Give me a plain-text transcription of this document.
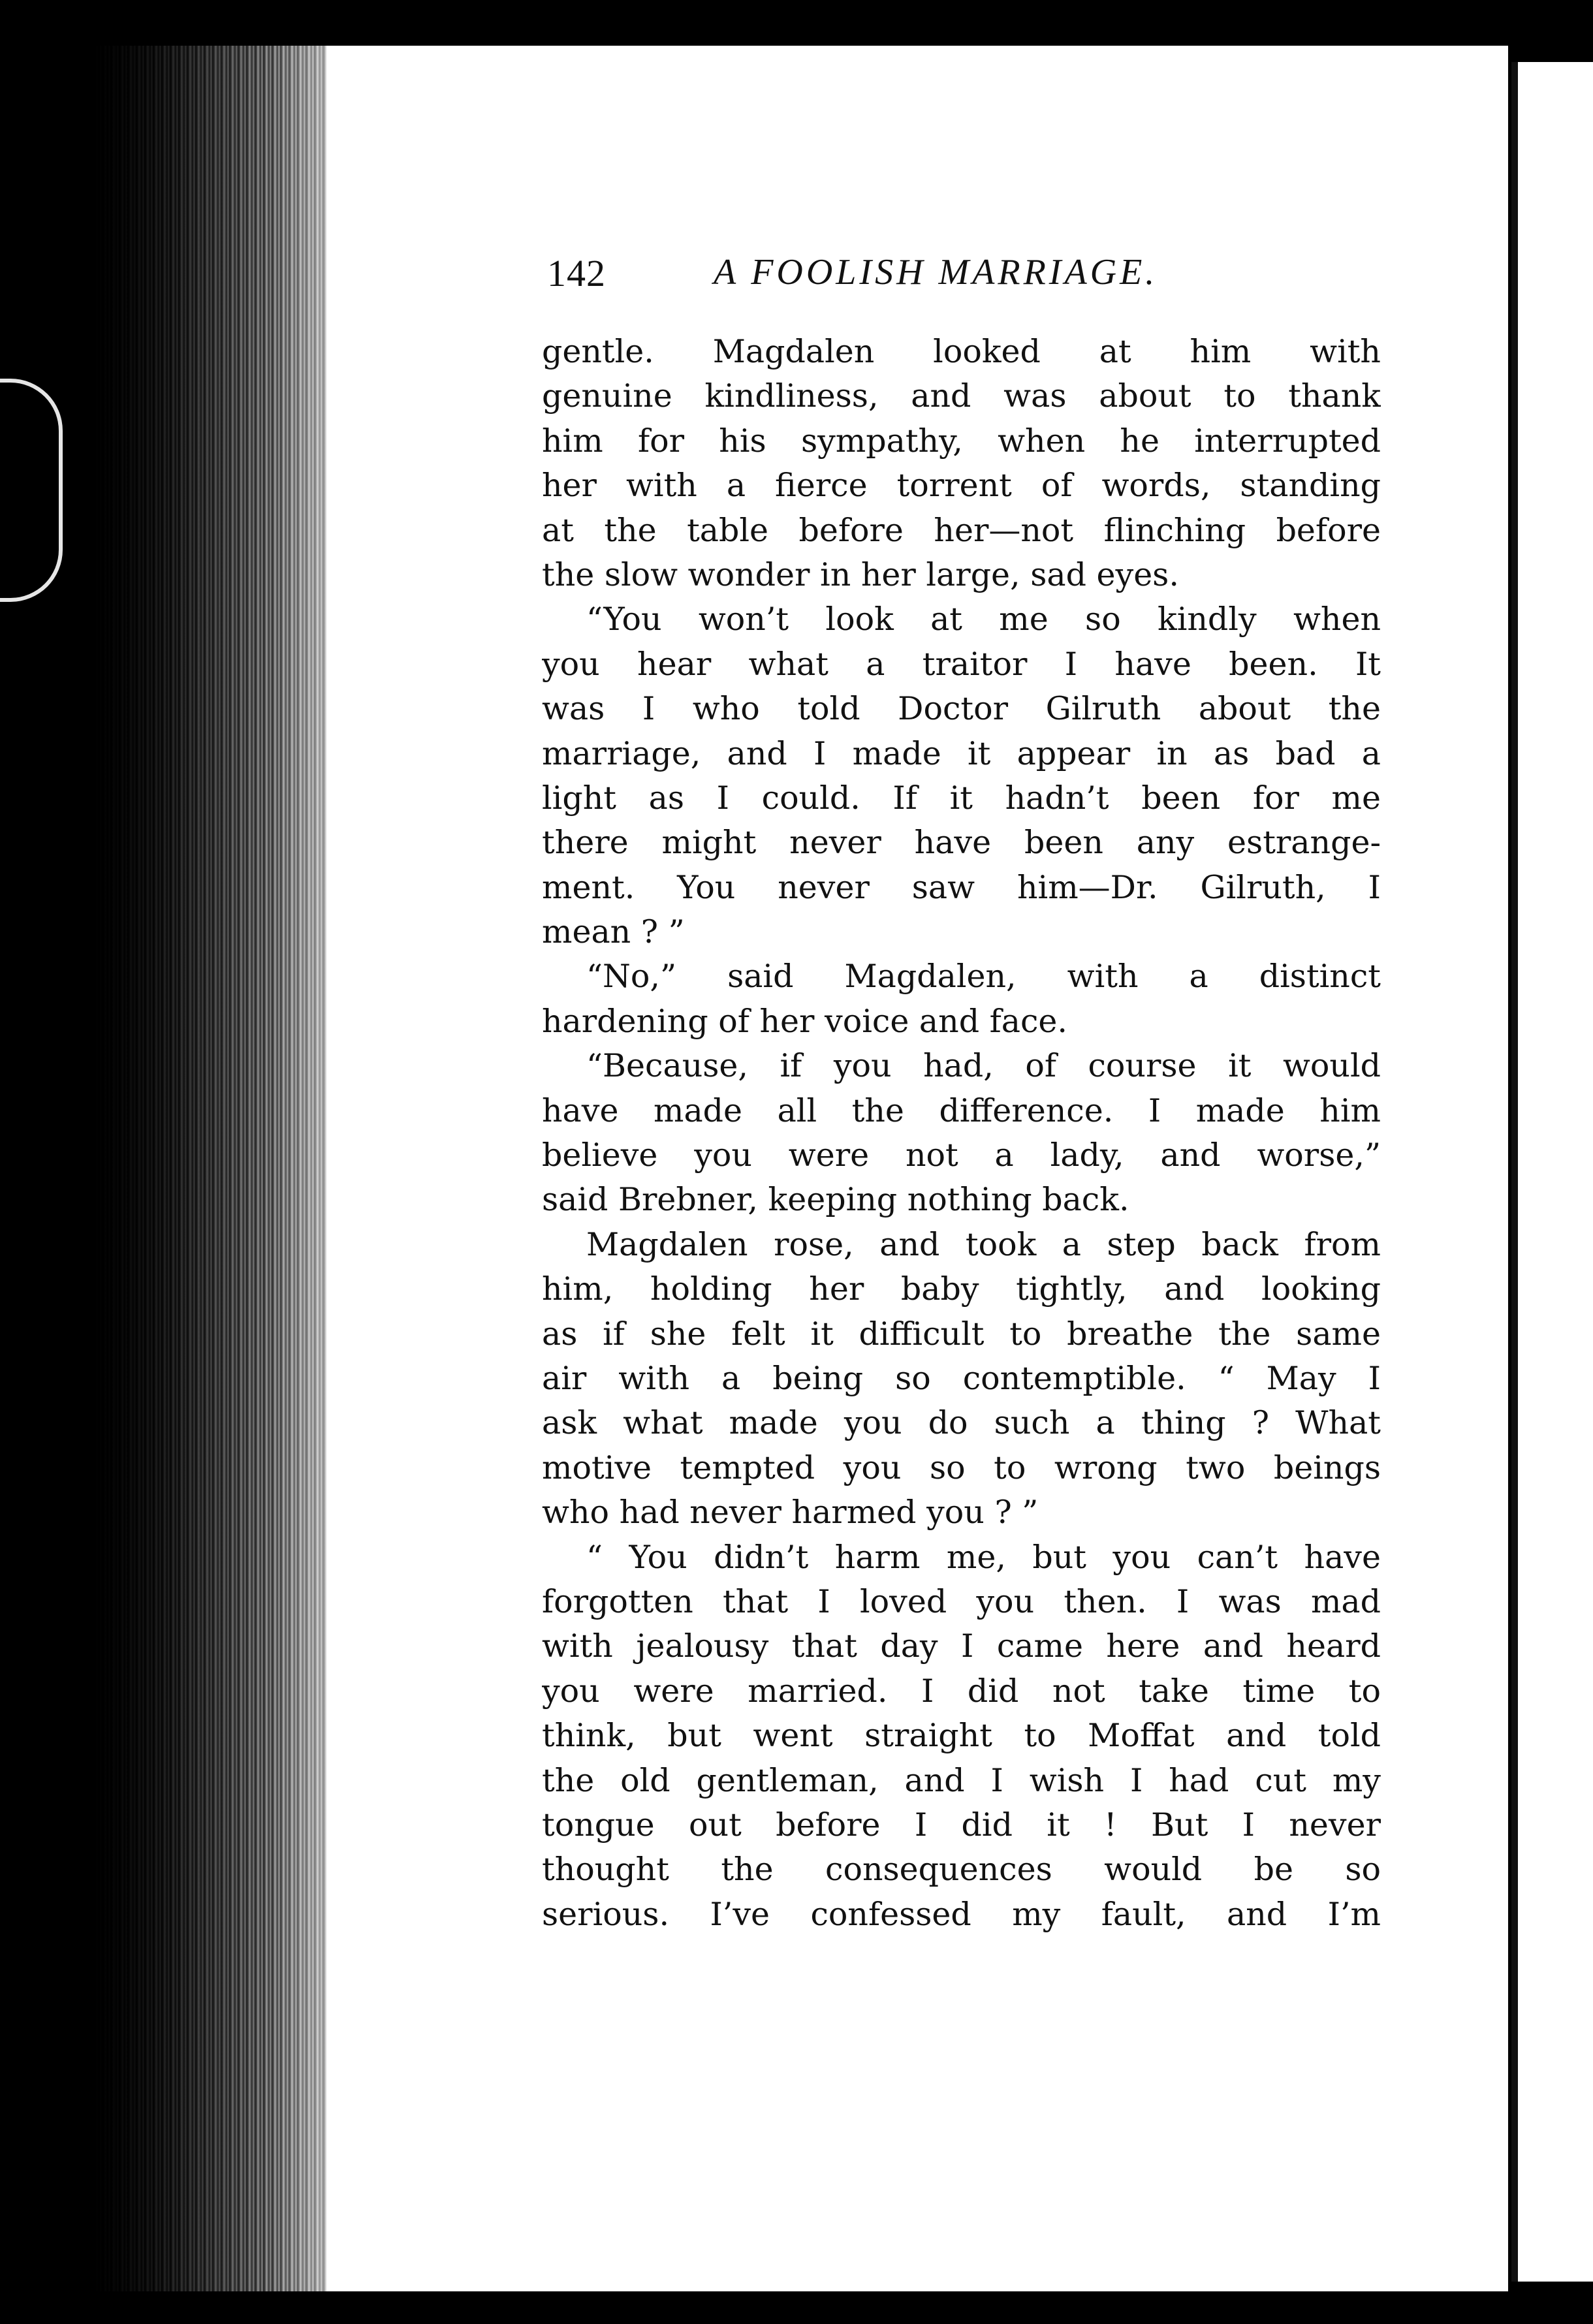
142	A FOOLISH MARRIAGE.
gentle. Magdalen looked at him with
genuine kindliness, and was about to thank
him for his sympathy, when he interrupted
her with a fierce torrent of words, standing
at the table before her—not flinching before
the slow wonder in her large, sad eyes.
“You won’t look at me so kindly when
you hear what a traitor I have been. It
was I who told Doctor Gilruth about the
marriage, and I made it appear in as bad a
light as I could. If it hadn’t been for me
there might never have been any estrange-
ment. You never saw him—Dr. Gilruth, I
mean ? ”
“No,” said Magdalen, with a distinct
hardening of her voice and face.
“Because, if you had, of course it would
have made all the difference. I made him
believe you were not a lady, and worse,”
said Brebner, keeping nothing back.
Magdalen rose, and took a step back from
him, holding her baby tightly, and looking
as if she felt it difficult to breathe the same
air with a being so contemptible. “ May I
ask what made you do such a thing ? What
motive tempted you so to wrong two beings
who had never harmed you ? ”
“ You didn’t harm me, but you can’t have
forgotten that I loved you then. I was mad
with jealousy that day I came here and heard
you were married. I did not take time to
think, but went straight to Moffat and told
the old gentleman, and I wish I had cut my
tongue out before I did it ! But I never
thought the consequences would be so
serious. I’ve confessed my fault, and I’m
